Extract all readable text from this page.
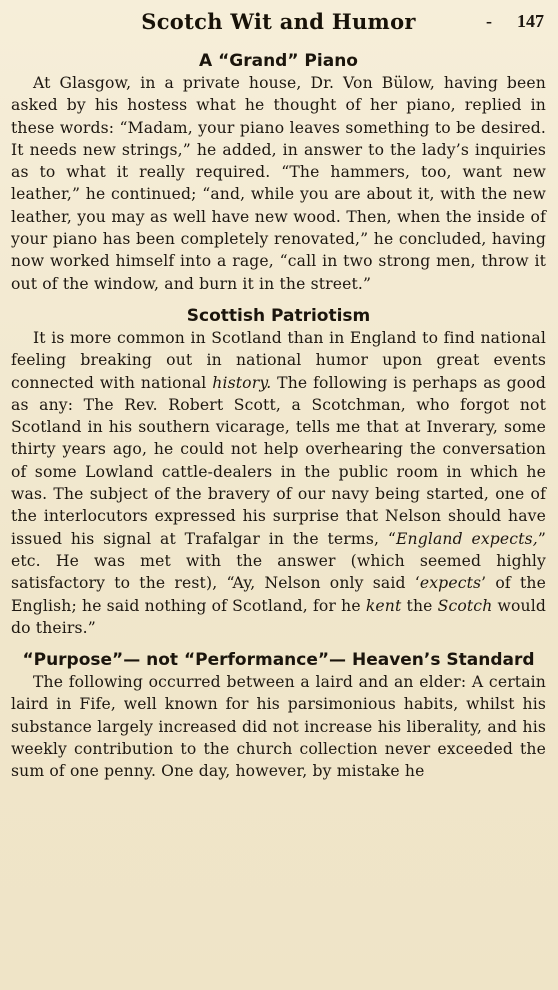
Scotch Wit and Humor	- 147
A “Grand” Piano

At Glasgow, in a private house, Dr. Von Bülow, having been asked by his hostess what he thought of her piano, replied in these words: “Madam, your piano leaves something to be desired. It needs new strings,” he added, in answer to the lady’s inquiries as to what it really required. “The hammers, too, want new leather,” he continued; “and, while you are about it, with the new leather, you may as well have new wood. Then, when the inside of your piano has been completely renovated,” he concluded, having now worked himself into a rage, “call in two strong men, throw it out of the window, and burn it in the street.”

Scottish Patriotism

It is more common in Scotland than in England to find national feeling breaking out in national humor upon great events connected with national history. The following is perhaps as good as any: The Rev. Robert Scott, a Scotchman, who forgot not Scotland in his southern vicarage, tells me that at Inverary, some thirty years ago, he could not help overhearing the conversation of some Lowland cattle-dealers in the public room in which he was. The subject of the bravery of our navy being started, one of the interlocutors expressed his surprise that Nelson should have issued his signal at Trafalgar in the terms, “England expects,” etc. He was met with the answer (which seemed highly satisfactory to the rest), “Ay, Nelson only said ‘expects’ of the English; he said nothing of Scotland, for he kent the Scotch would do theirs.”

“Purpose”— not “Performance”— Heaven’s Standard

The following occurred between a laird and an elder: A certain laird in Fife, well known for his parsimonious habits, whilst his substance largely increased did not increase his liberality, and his weekly contribution to the church collection never exceeded the sum of one penny. One day, however, by mistake he
